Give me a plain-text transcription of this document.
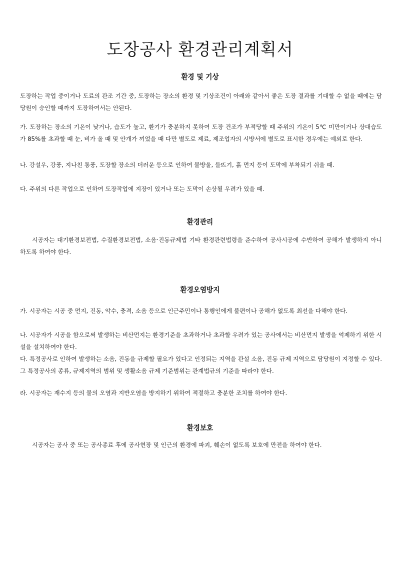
도장공사 환경관리계획서
환경 및 기상

도장하는 작업 중이거나 도료의 관조 기간 중, 도장하는 장소의 환경 및 기상조건이 아래와 같아서 좋은 도장 결과를 기대할 수 없을 때에는 담당원이 승인할 때까지 도장하여서는 안된다.

가. 도장하는 장소의 기온이 낮거나, 습도가 높고, 환기가 충분하지 못하여 도장 건조가 부적당할 때 주위의 기온이 5℃ 미만이거나 상대습도가 85%를 초과할 때 눈, 비가 올 때 및 안개가 끼었을 때 다만 별도로 제료, 제조업자의 시방서에 별도로 표시한 경우에는 예외로 한다.

나. 강설우, 강풍, 지나친 통풍, 도장할 장소의 더러운 등으로 인하여 물방울, 들뜨기, 흙 먼지 등이 도막에 부착되기 쉬울 때.

다. 주위의 다른 작업으로 인하여 도장작업에 지장이 있거나 또는 도막이 손상될 우려가 있을 때.

환경관리

시공자는 대기환경보전법, 수질환경보전법, 소음·진동규제법 기타 환경관련법령을 준수하여 공사시공에 수반하여 공해가 발생하지 아니하도록 하여야 한다.

환경오염방지

가. 시공자는 시공 중 먼지, 진동, 악수, 충격, 소음 등으로 인근주민이나 통행인에게 불편이나 공해가 없도록 최선을 다해야 한다.

나. 시공자가 시공을 함으로써 발생하는 비산먼지는 환경기준을 초과하거나 초과할 우려가 있는 공사에서는 비산먼지 발생을 억제하기 위한 시설을 설치하여야 한다.

다. 특정공사로 인하여 발생하는 소음, 진동을 규제할 필요가 있다고 인정되는 지역을 관설 소음, 진동 규제 지역으로 담당원이 지정할 수 있다. 그 특정공사의 종류, 규제지역의 범위 및 생활소음 규제 기준범위는 관계법규의 기준을 따라야 한다.

라. 시공자는 재수지 등의 물의 오염과 지반오염을 방지하기 위하여 적절하고 충분한 조치를 하여야 한다.

환경보호

시공자는 공사 중 또는 공사종료 후에 공사현장 및 인근의 환경에 파괴, 훼손이 없도록 보호에 만전을 하여야 한다.
